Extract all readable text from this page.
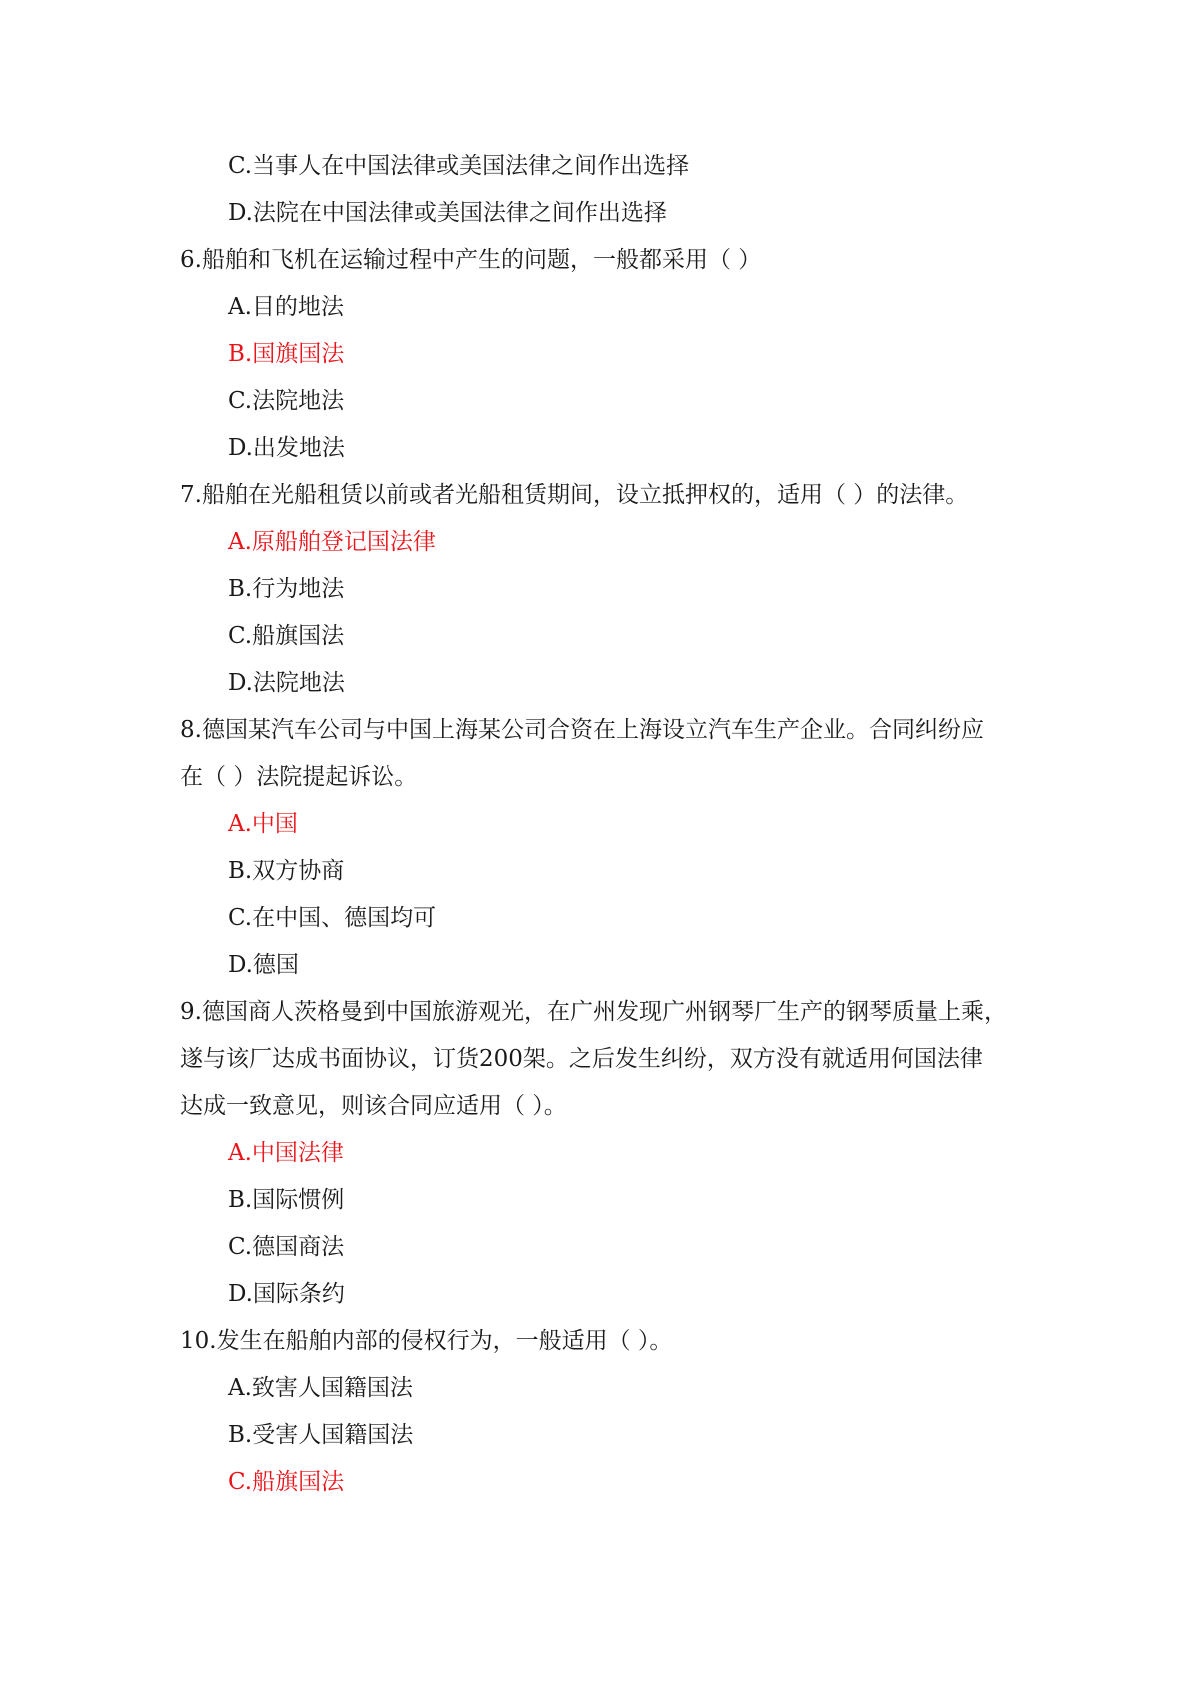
C.当事人在中国法律或美国法律之间作出选择
D.法院在中国法律或美国法律之间作出选择
6.船舶和飞机在运输过程中产生的问题，一般都采用（ ）
A.目的地法
B.国旗国法
C.法院地法
D.出发地法
7.船舶在光船租赁以前或者光船租赁期间，设立抵押权的，适用（ ）的法律。
A.原船舶登记国法律
B.行为地法
C.船旗国法
D.法院地法
8.德国某汽车公司与中国上海某公司合资在上海设立汽车生产企业。合同纠纷应
在（ ）法院提起诉讼。
A.中国
B.双方协商
C.在中国、德国均可
D.德国
9.德国商人茨格曼到中国旅游观光，在广州发现广州钢琴厂生产的钢琴质量上乘，
遂与该厂达成书面协议，订货200架。之后发生纠纷，双方没有就适用何国法律
达成一致意见，则该合同应适用（ ）。
A.中国法律
B.国际惯例
C.德国商法
D.国际条约
10.发生在船舶内部的侵权行为，一般适用（ ）。
A.致害人国籍国法
B.受害人国籍国法
C.船旗国法
